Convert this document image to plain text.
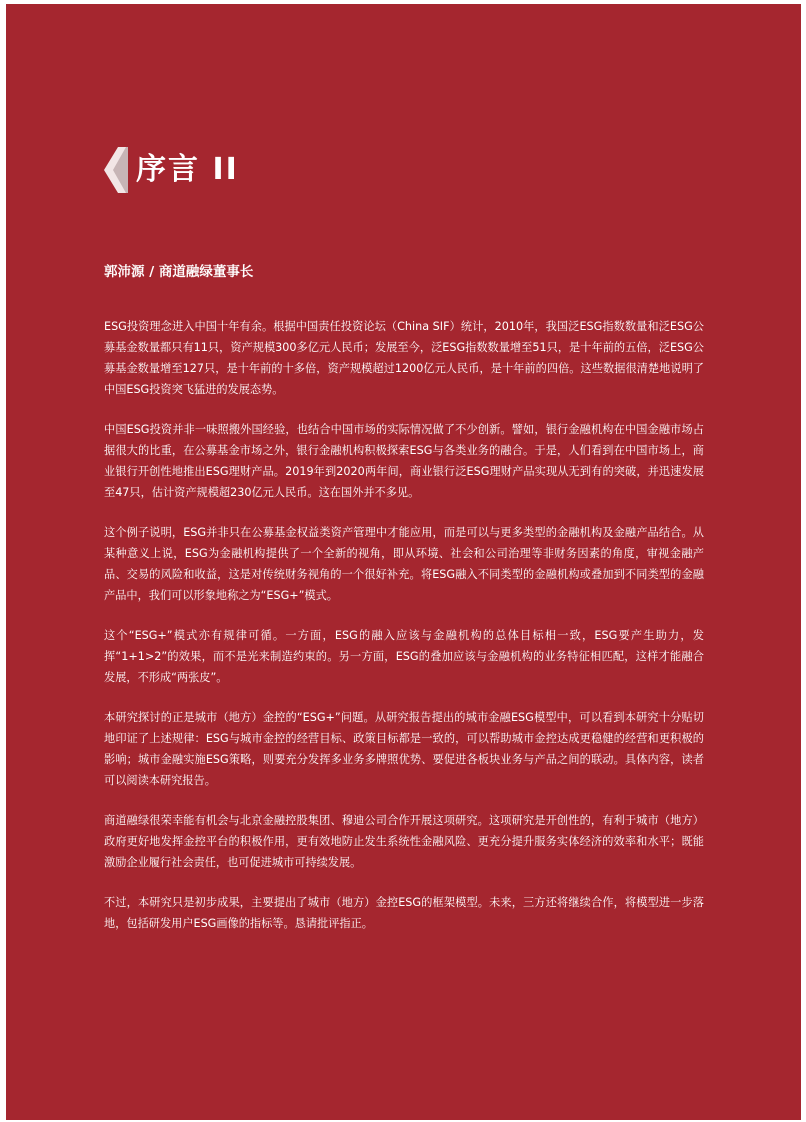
序言 II
郭沛源 / 商道融绿董事长

ESG投资理念进入中国十年有余。根据中国责任投资论坛（China SIF）统计，2010年，我国泛ESG指数数量和泛ESG公募基金数量都只有11只，资产规模300多亿元人民币；发展至今，泛ESG指数数量增至51只，是十年前的五倍，泛ESG公募基金数量增至127只，是十年前的十多倍，资产规模超过1200亿元人民币，是十年前的四倍。这些数据很清楚地说明了中国ESG投资突飞猛进的发展态势。

中国ESG投资并非一味照搬外国经验，也结合中国市场的实际情况做了不少创新。譬如，银行金融机构在中国金融市场占据很大的比重，在公募基金市场之外，银行金融机构积极探索ESG与各类业务的融合。于是，人们看到在中国市场上，商业银行开创性地推出ESG理财产品。2019年到2020两年间，商业银行泛ESG理财产品实现从无到有的突破，并迅速发展至47只，估计资产规模超230亿元人民币。这在国外并不多见。

这个例子说明，ESG并非只在公募基金权益类资产管理中才能应用，而是可以与更多类型的金融机构及金融产品结合。从某种意义上说，ESG为金融机构提供了一个全新的视角，即从环境、社会和公司治理等非财务因素的角度，审视金融产品、交易的风险和收益，这是对传统财务视角的一个很好补充。将ESG融入不同类型的金融机构或叠加到不同类型的金融产品中，我们可以形象地称之为“ESG+”模式。

这个“ESG+”模式亦有规律可循。一方面，ESG的融入应该与金融机构的总体目标相一致，ESG要产生助力，发挥“1+1>2”的效果，而不是光来制造约束的。另一方面，ESG的叠加应该与金融机构的业务特征相匹配，这样才能融合发展，不形成“两张皮”。

本研究探讨的正是城市（地方）金控的“ESG+”问题。从研究报告提出的城市金融ESG模型中，可以看到本研究十分贴切地印证了上述规律：ESG与城市金控的经营目标、政策目标都是一致的，可以帮助城市金控达成更稳健的经营和更积极的影响；城市金融实施ESG策略，则要充分发挥多业务多牌照优势、要促进各板块业务与产品之间的联动。具体内容，读者可以阅读本研究报告。

商道融绿很荣幸能有机会与北京金融控股集团、穆迪公司合作开展这项研究。这项研究是开创性的，有利于城市（地方）政府更好地发挥金控平台的积极作用，更有效地防止发生系统性金融风险、更充分提升服务实体经济的效率和水平；既能激励企业履行社会责任，也可促进城市可持续发展。

不过，本研究只是初步成果，主要提出了城市（地方）金控ESG的框架模型。未来，三方还将继续合作，将模型进一步落地，包括研发用户ESG画像的指标等。恳请批评指正。
